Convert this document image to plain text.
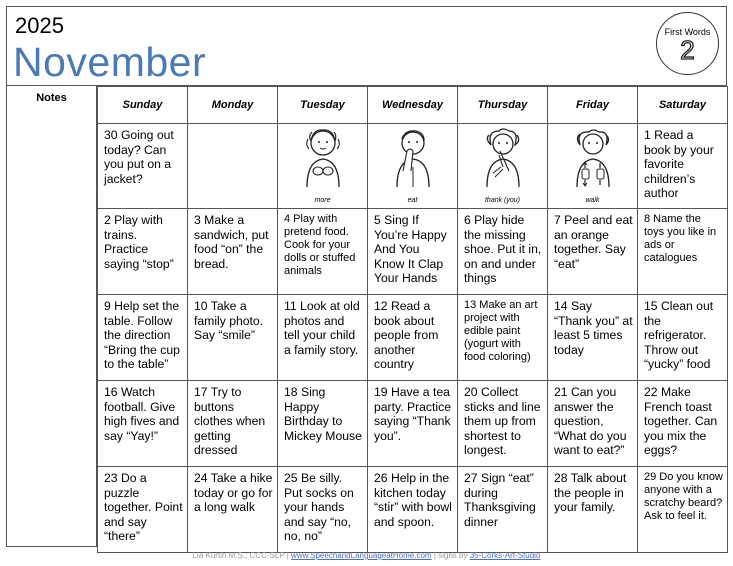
2025
November
First Words
2
Notes
Sunday	Monday	Tuesday	Wednesday	Thursday	Friday	Saturday

30 Going out today? Can you put on a jacket?		more	eat	thank (you)	walk	1 Read a book by your favorite children’s author

2 Play with trains. Practice saying “stop”	3 Make a sandwich, put food “on” the bread.	4 Play with pretend food. Cook for your dolls or stuffed animals	5 Sing If You’re Happy And You Know It Clap Your Hands	6 Play hide the missing shoe. Put it in, on and under things	7 Peel and eat an orange together. Say “eat”	8 Name the toys you like in ads or catalogues

9 Help set the table. Follow the direction “Bring the cup to the table”	10 Take a family photo. Say “smile”	11 Look at old photos and tell your child a family story.	12 Read a book about people from another country	13 Make an art project with edible paint (yogurt with food coloring)	14 Say “Thank you” at least 5 times today	15 Clean out the refrigerator. Throw out “yucky” food

16 Watch football. Give high fives and say “Yay!”	17 Try to buttons clothes when getting dressed	18 Sing Happy Birthday to Mickey Mouse	19 Have a tea party. Practice saying “Thank you”.	20 Collect sticks and line them up from shortest to longest.	21 Can you answer the question, “What do you want to eat?”	22 Make French toast together. Can you mix the eggs?

23 Do a puzzle together. Point and say “there”	24 Take a hike today or go for a long walk	25 Be silly. Put socks on your hands and say “no, no, no”	26 Help in the kitchen today “stir” with bowl and spoon.	27 Sign “eat” during Thanksgiving dinner	28 Talk about the people in your family.	29 Do you know anyone with a scratchy beard? Ask to feel it.
Lia Kurtin M.S., CCC-SLP | www.SpeechandLanguageatHome.com | signs by 35-Corks-Art-Studio
